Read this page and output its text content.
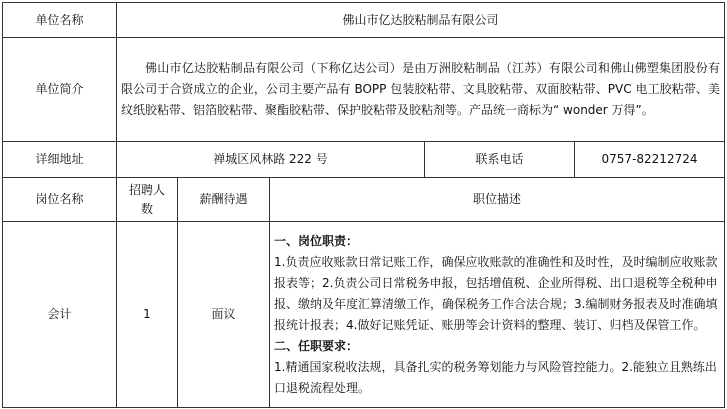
单位名称	佛山市亿达胶粘制品有限公司				
单位简介	佛山市亿达胶粘制品有限公司（下称亿达公司）是由万洲胶粘制品（江苏）有限公司和佛山佛塑集团股份有限公司于合资成立的企业，公司主要产品有 BOPP 包装胶粘带、文具胶粘带、双面胶粘带、PVC 电工胶粘带、美纹纸胶粘带、铝箔胶粘带、聚酯胶粘带、保护胶粘带及胶粘剂等。产品统一商标为“ wonder 万得”。				
详细地址	禅城区风林路 222 号			联系电话	0757-82212724
岗位名称	招聘人数	薪酬待遇	职位描述		
会计	1	面议	一、岗位职责：
1.负责应收账款日常记账工作，确保应收账款的准确性和及时性，及时编制应收账款报表等；2.负责公司日常税务申报，包括增值税、企业所得税、出口退税等全税种申报、缴纳及年度汇算清缴工作，确保税务工作合法合规；3.编制财务报表及时准确填报统计报表；4.做好记账凭证、账册等会计资料的整理、装订、归档及保管工作。
二、任职要求：
1.精通国家税收法规，具备扎实的税务筹划能力与风险管控能力。2.能独立且熟练出口退税流程处理。		
